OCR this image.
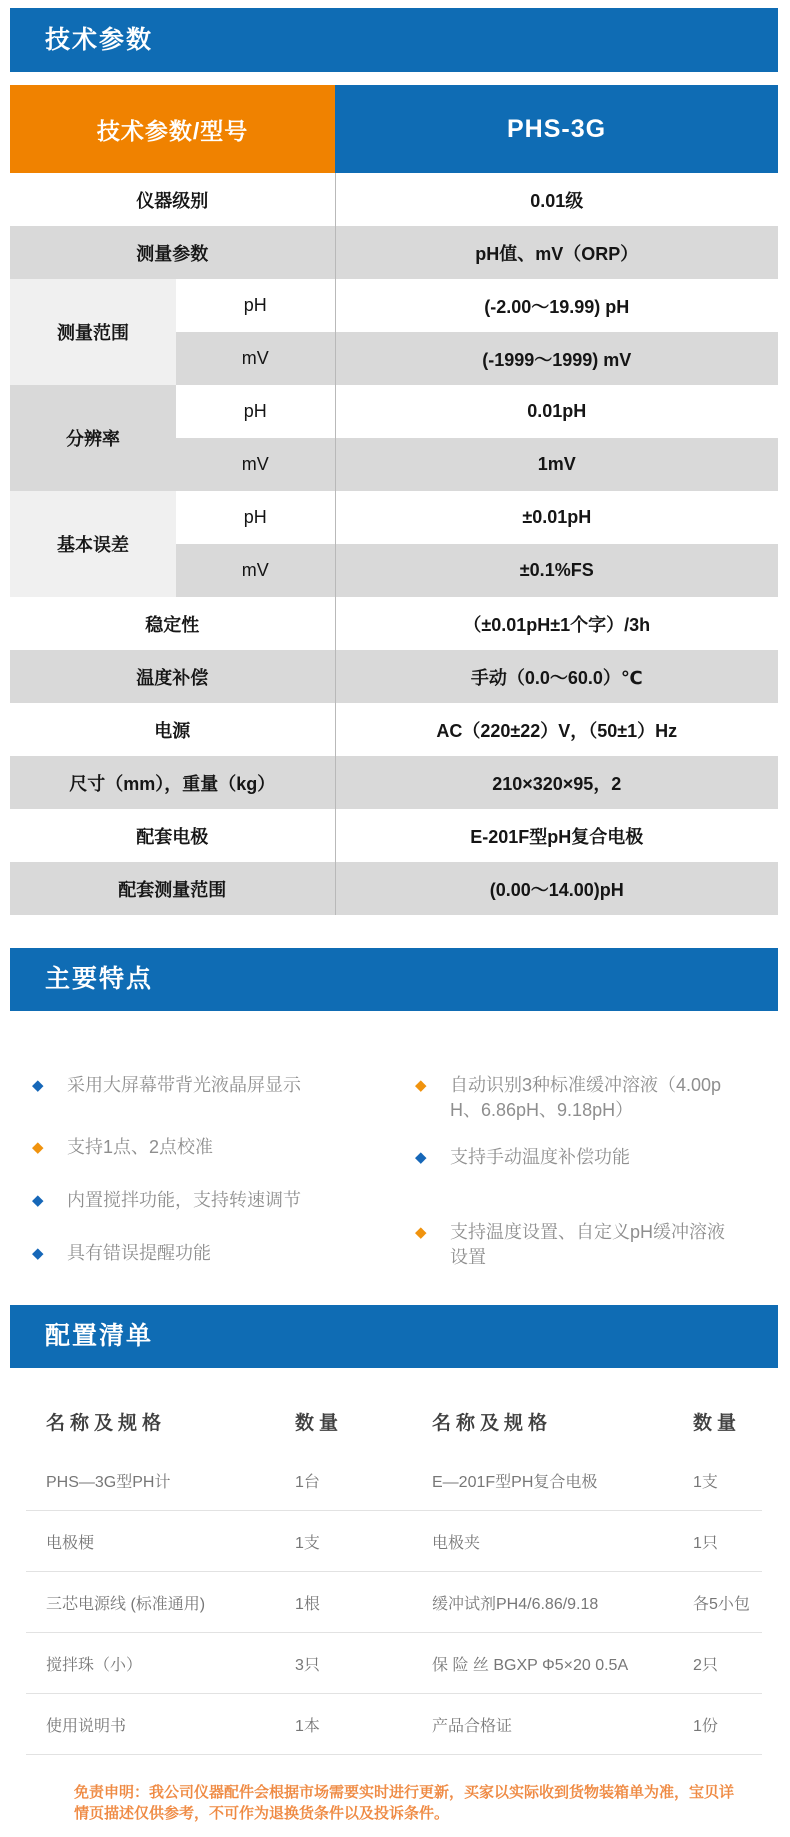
技术参数
技术参数/型号		PHS-3G
仪器级别		0.01级
测量参数		pH值、mV（ORP）
测量范围	pH	(-2.00～19.99) pH
	mV	(-1999～1999) mV
分辨率	pH	0.01pH
	mV	1mV
基本误差	pH	±0.01pH
	mV	±0.1%FS
稳定性		（±0.01pH±1个字）/3h
温度补偿		手动（0.0～60.0）℃
电源		AC（220±22）V，（50±1）Hz
尺寸（mm），重量（kg）		210×320×95，2
配套电极		E-201F型pH复合电极
配套测量范围		(0.00～14.00)pH
主要特点
◆	采用大屏幕带背光液晶屏显示
◆	支持1点、2点校准
◆	内置搅拌功能，支持转速调节
◆	具有错误提醒功能
◆	自动识别3种标准缓冲溶液（4.00pH、6.86pH、9.18pH）
◆	支持手动温度补偿功能
◆	支持温度设置、自定义pH缓冲溶液设置
配置清单
名称及规格	数量	名称及规格	数量
PHS—3G型PH计	1台	E—201F型PH复合电极	1支
电极梗	1支	电极夹	1只
三芯电源线 (标准通用)	1根	缓冲试剂PH4/6.86/9.18	各5小包
搅拌珠（小）	3只	保 险 丝 BGXP Φ5×20 0.5A	2只
使用说明书	1本	产品合格证	1份
免责申明：我公司仪器配件会根据市场需要实时进行更新，买家以实际收到货物装箱单为准，宝贝详情页描述仅供参考，不可作为退换货条件以及投诉条件。
